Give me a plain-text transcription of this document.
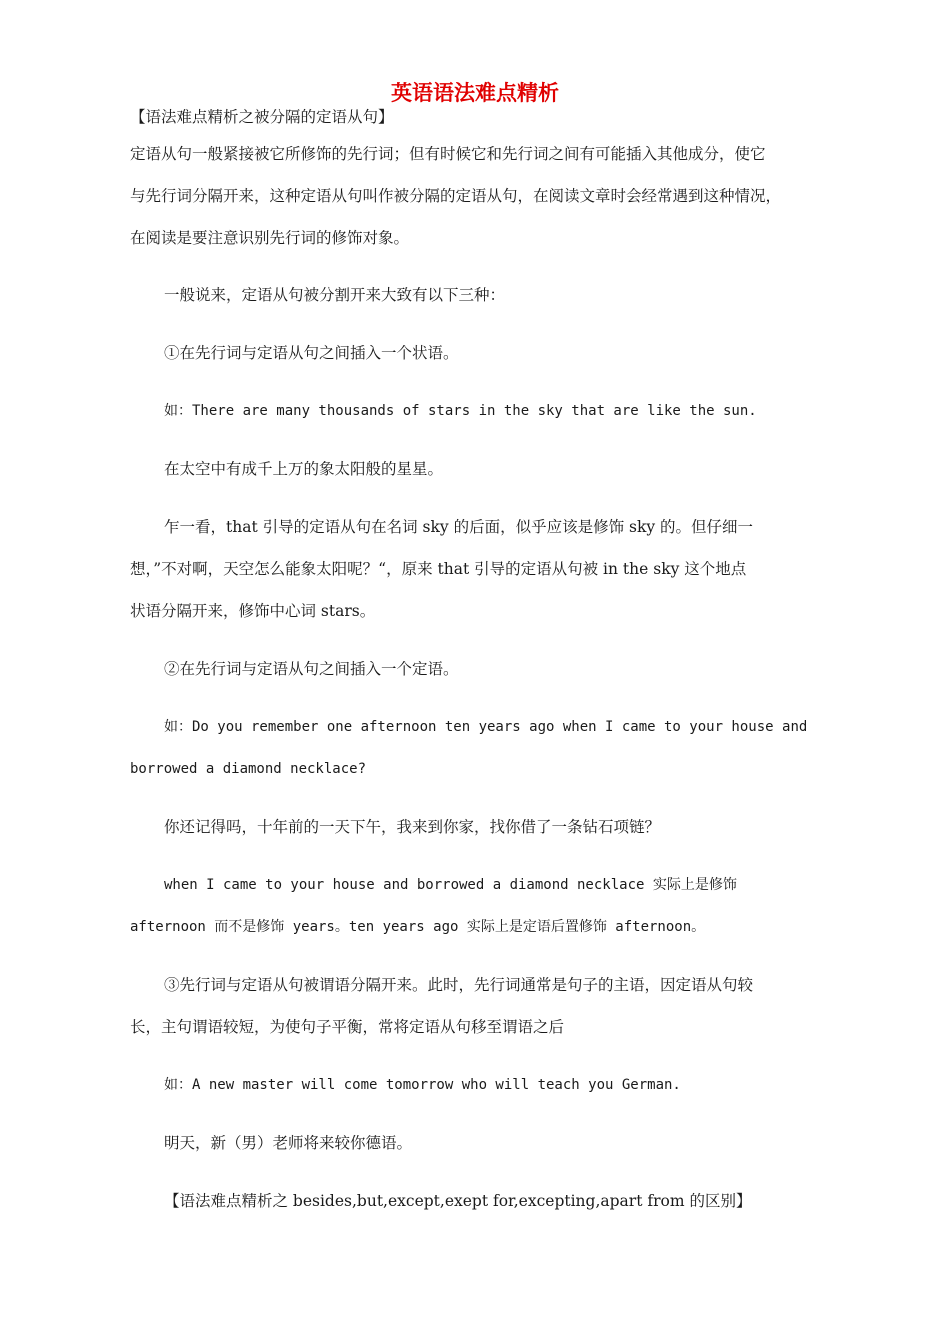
英语语法难点精析
【语法难点精析之被分隔的定语从句】
定语从句一般紧接被它所修饰的先行词；但有时候它和先行词之间有可能插入其他成分，使它
与先行词分隔开来，这种定语从句叫作被分隔的定语从句，在阅读文章时会经常遇到这种情况，
在阅读是要注意识别先行词的修饰对象。
一般说来，定语从句被分割开来大致有以下三种：
①在先行词与定语从句之间插入一个状语。
如：There are many thousands of stars in the sky that are like the sun.
在太空中有成千上万的象太阳般的星星。
乍一看，that 引导的定语从句在名词 sky 的后面，似乎应该是修饰 sky 的。但仔细一
想，”不对啊，天空怎么能象太阳呢？“，原来 that 引导的定语从句被 in the sky 这个地点
状语分隔开来，修饰中心词 stars。
②在先行词与定语从句之间插入一个定语。
如：Do you remember one afternoon ten years ago when I came to your house and
borrowed a diamond necklace?
你还记得吗，十年前的一天下午，我来到你家，找你借了一条钻石项链？
when I came to your house and borrowed a diamond necklace 实际上是修饰
afternoon 而不是修饰 years。ten years ago 实际上是定语后置修饰 afternoon。
③先行词与定语从句被谓语分隔开来。此时，先行词通常是句子的主语，因定语从句较
长，主句谓语较短，为使句子平衡，常将定语从句移至谓语之后
如：A new master will come tomorrow who will teach you German.
明天，新（男）老师将来较你德语。
【语法难点精析之 besides,but,except,exept for,excepting,apart from 的区别】
